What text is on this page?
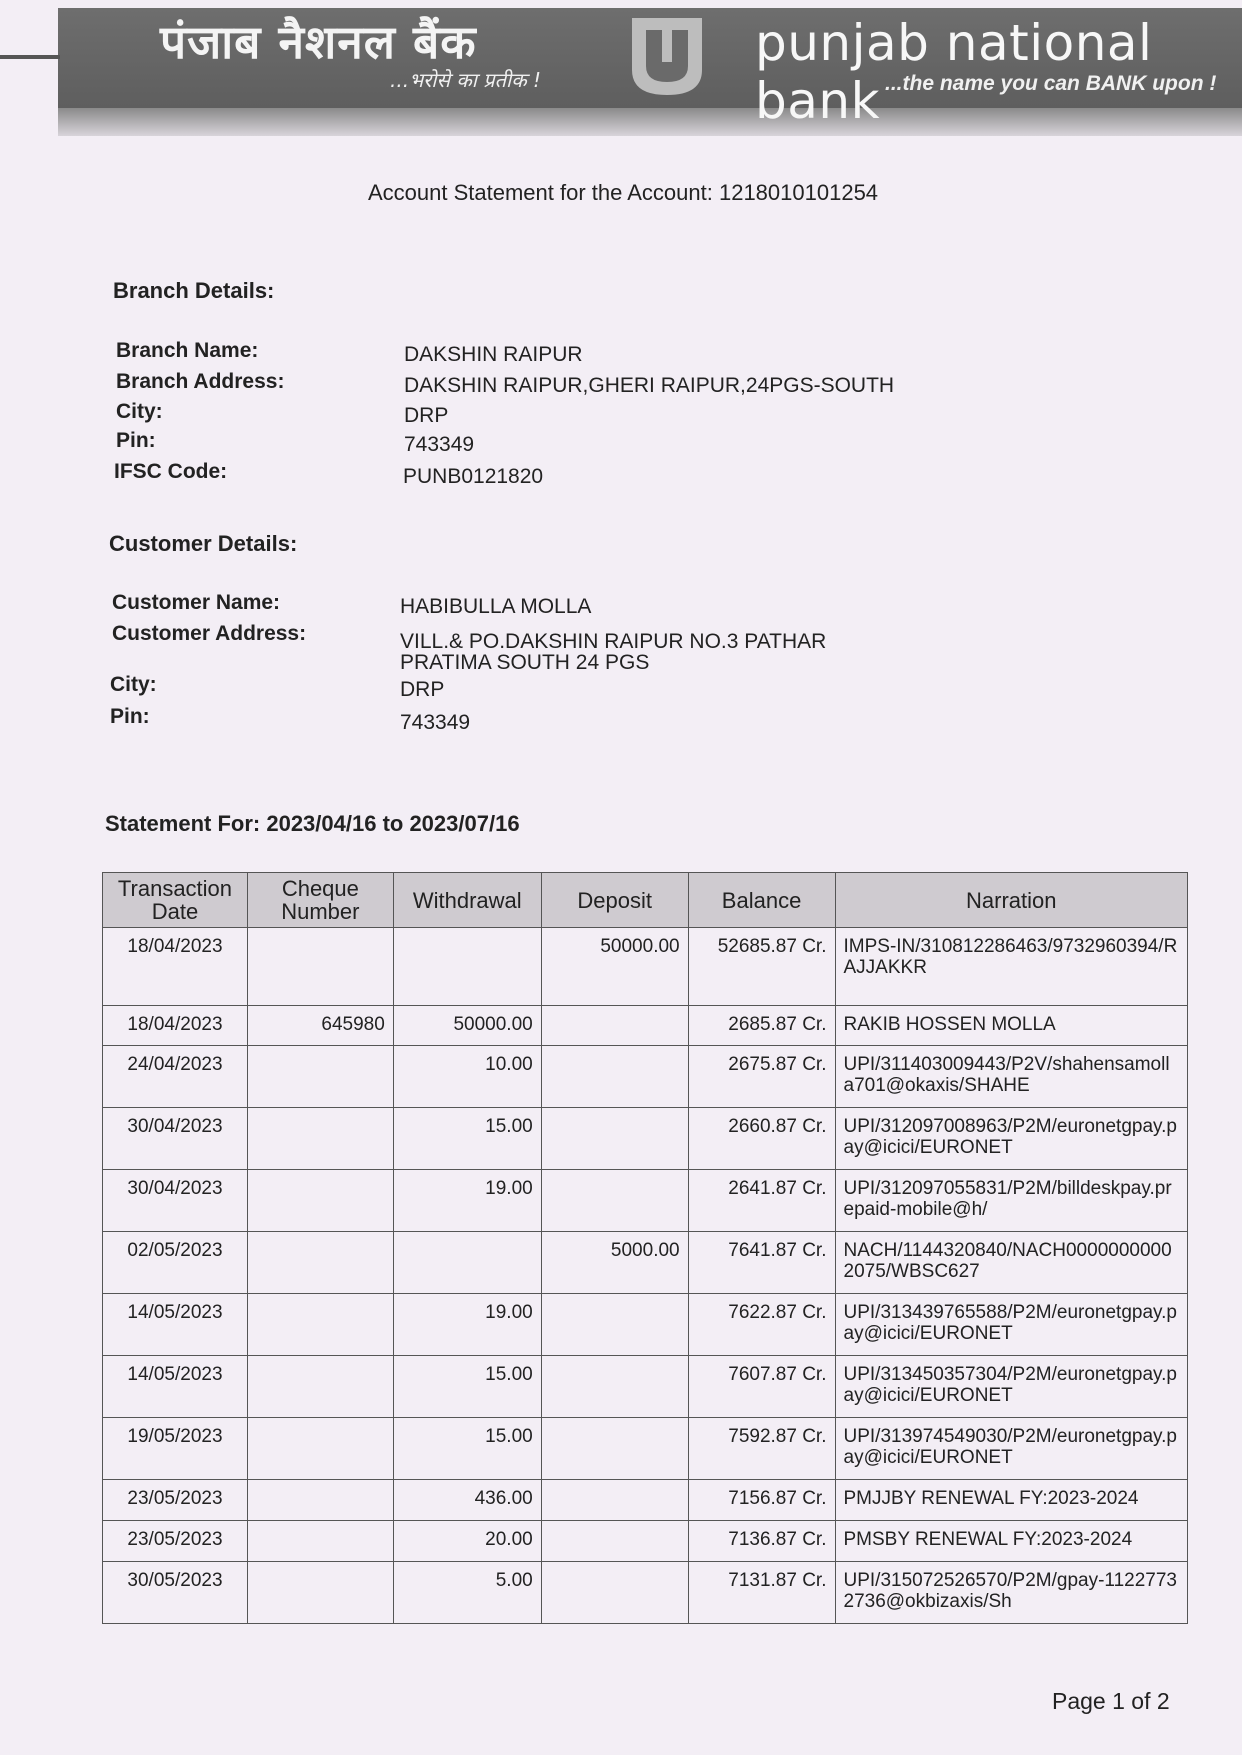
पंजाब नैशनल बैंक
...भरोसे का प्रतीक !
punjab national bank ...the name you can BANK upon !
Account Statement for the Account: 1218010101254
Branch Details:
Branch Name:	DAKSHIN RAIPUR
Branch Address:	DAKSHIN RAIPUR,GHERI RAIPUR,24PGS-SOUTH
City:	DRP
Pin:	743349
IFSC Code:	PUNB0121820
Customer Details:
Customer Name:	HABIBULLA MOLLA
Customer Address:	VILL.& PO.DAKSHIN RAIPUR NO.3 PATHAR
PRATIMA SOUTH 24 PGS
City:	DRP
Pin:	743349
Statement For: 2023/04/16 to 2023/07/16
Transaction Date	Cheque Number	Withdrawal	Deposit	Balance	Narration
18/04/2023			50000.00	52685.87 Cr.	IMPS-IN/310812286463/9732960394/RAJJAKKR
18/04/2023	645980	50000.00		2685.87 Cr.	RAKIB HOSSEN MOLLA
24/04/2023		10.00		2675.87 Cr.	UPI/311403009443/P2V/shahensamolla701@okaxis/SHAHE
30/04/2023		15.00		2660.87 Cr.	UPI/312097008963/P2M/euronetgpay.pay@icici/EURONET
30/04/2023		19.00		2641.87 Cr.	UPI/312097055831/P2M/billdeskpay.prepaid-mobile@h/
02/05/2023			5000.00	7641.87 Cr.	NACH/1144320840/NACH00000000002075/WBSC627
14/05/2023		19.00		7622.87 Cr.	UPI/313439765588/P2M/euronetgpay.pay@icici/EURONET
14/05/2023		15.00		7607.87 Cr.	UPI/313450357304/P2M/euronetgpay.pay@icici/EURONET
19/05/2023		15.00		7592.87 Cr.	UPI/313974549030/P2M/euronetgpay.pay@icici/EURONET
23/05/2023		436.00		7156.87 Cr.	PMJJBY RENEWAL FY:2023-2024
23/05/2023		20.00		7136.87 Cr.	PMSBY RENEWAL FY:2023-2024
30/05/2023		5.00		7131.87 Cr.	UPI/315072526570/P2M/gpay-11227732736@okbizaxis/Sh
Page 1 of 2
